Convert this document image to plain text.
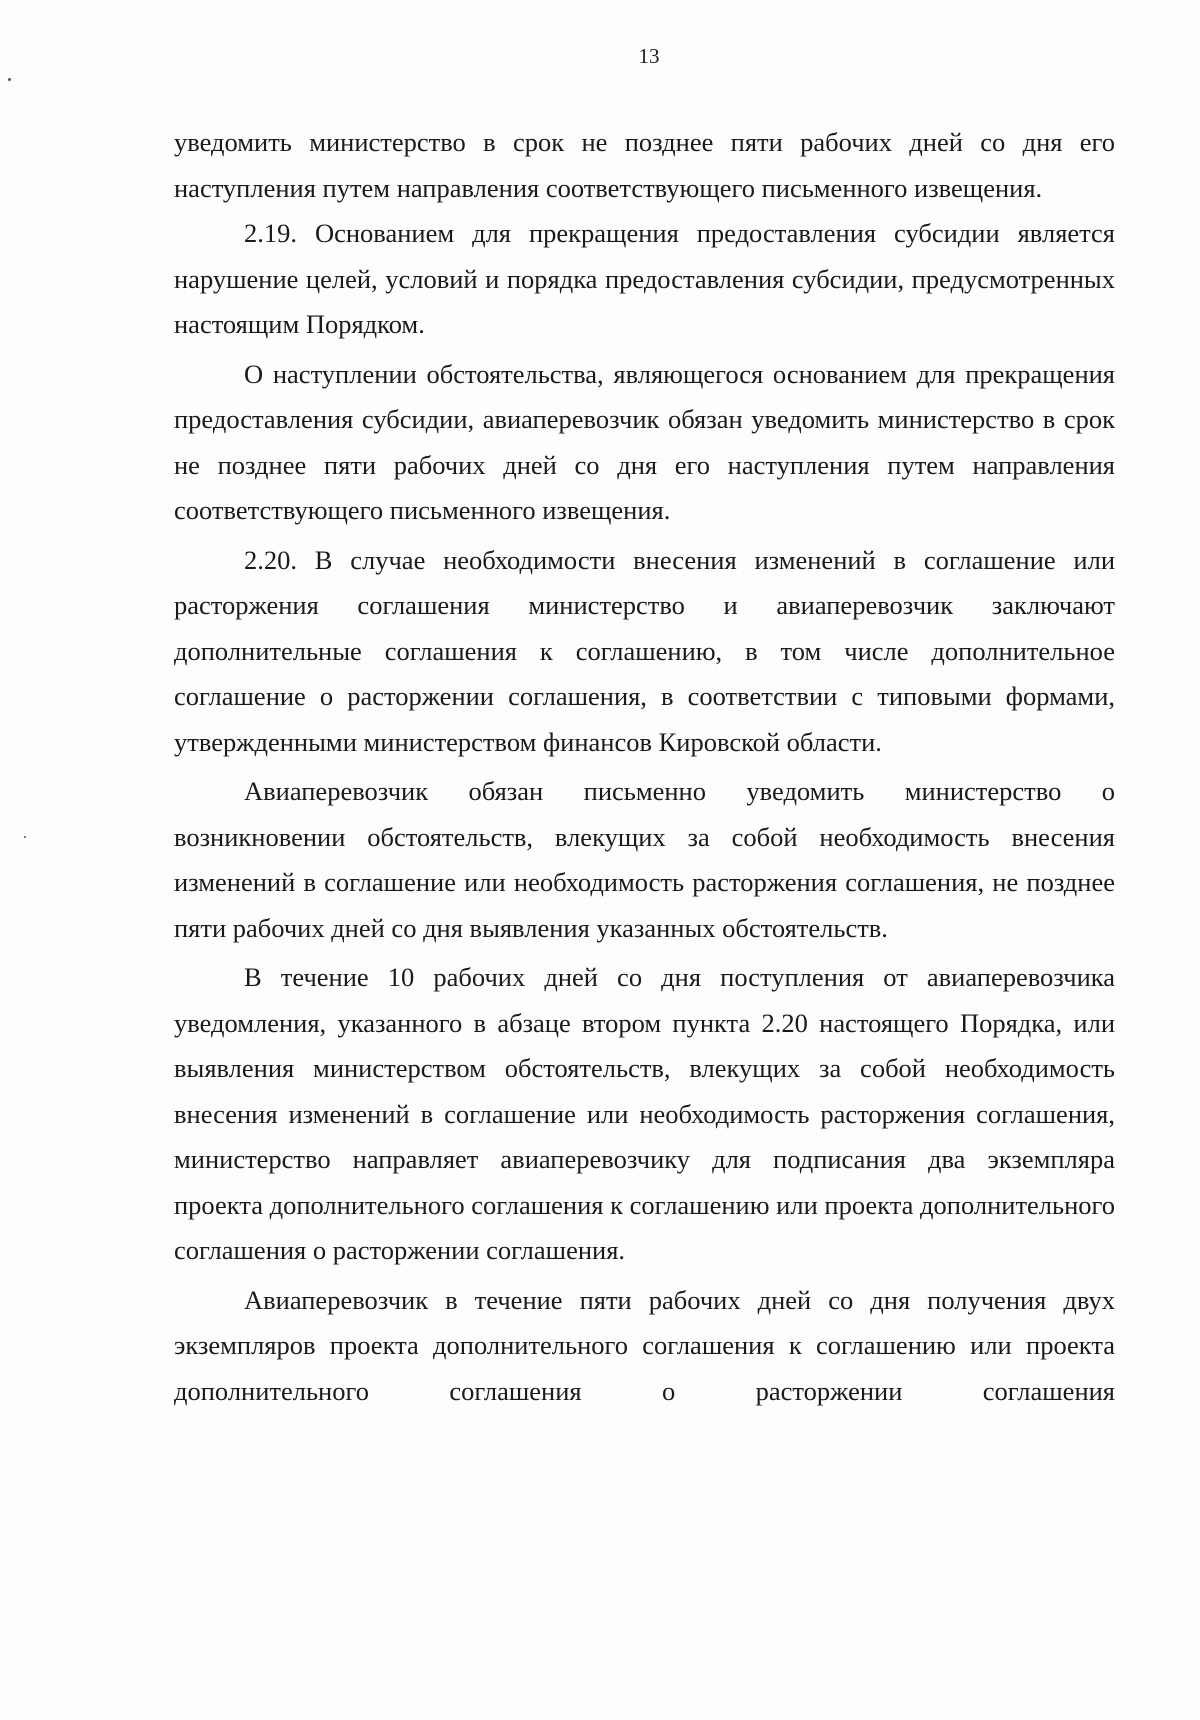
13

уведомить министерство в срок не позднее пяти рабочих дней со дня его наступления путем направления соответствующего письменного извещения.

2.19. Основанием для прекращения предоставления субсидии является нарушение целей, условий и порядка предоставления субсидии, предусмотренных настоящим Порядком.

О наступлении обстоятельства, являющегося основанием для прекращения предоставления субсидии, авиаперевозчик обязан уведомить министерство в срок не позднее пяти рабочих дней со дня его наступления путем направления соответствующего письменного извещения.

2.20. В случае необходимости внесения изменений в соглашение или расторжения соглашения министерство и авиаперевозчик заключают дополнительные соглашения к соглашению, в том числе дополнительное соглашение о расторжении соглашения, в соответствии с типовыми формами, утвержденными министерством финансов Кировской области.

Авиаперевозчик обязан письменно уведомить министерство о возникновении обстоятельств, влекущих за собой необходимость внесения изменений в соглашение или необходимость расторжения соглашения, не позднее пяти рабочих дней со дня выявления указанных обстоятельств.

В течение 10 рабочих дней со дня поступления от авиаперевозчика уведомления, указанного в абзаце втором пункта 2.20 настоящего Порядка, или выявления министерством обстоятельств, влекущих за собой необходимость внесения изменений в соглашение или необходимость расторжения соглашения, министерство направляет авиаперевозчику для подписания два экземпляра проекта дополнительного соглашения к соглашению или проекта дополнительного соглашения о расторжении соглашения.

Авиаперевозчик в течение пяти рабочих дней со дня получения двух экземпляров проекта дополнительного соглашения к соглашению или проекта дополнительного соглашения о расторжении соглашения
